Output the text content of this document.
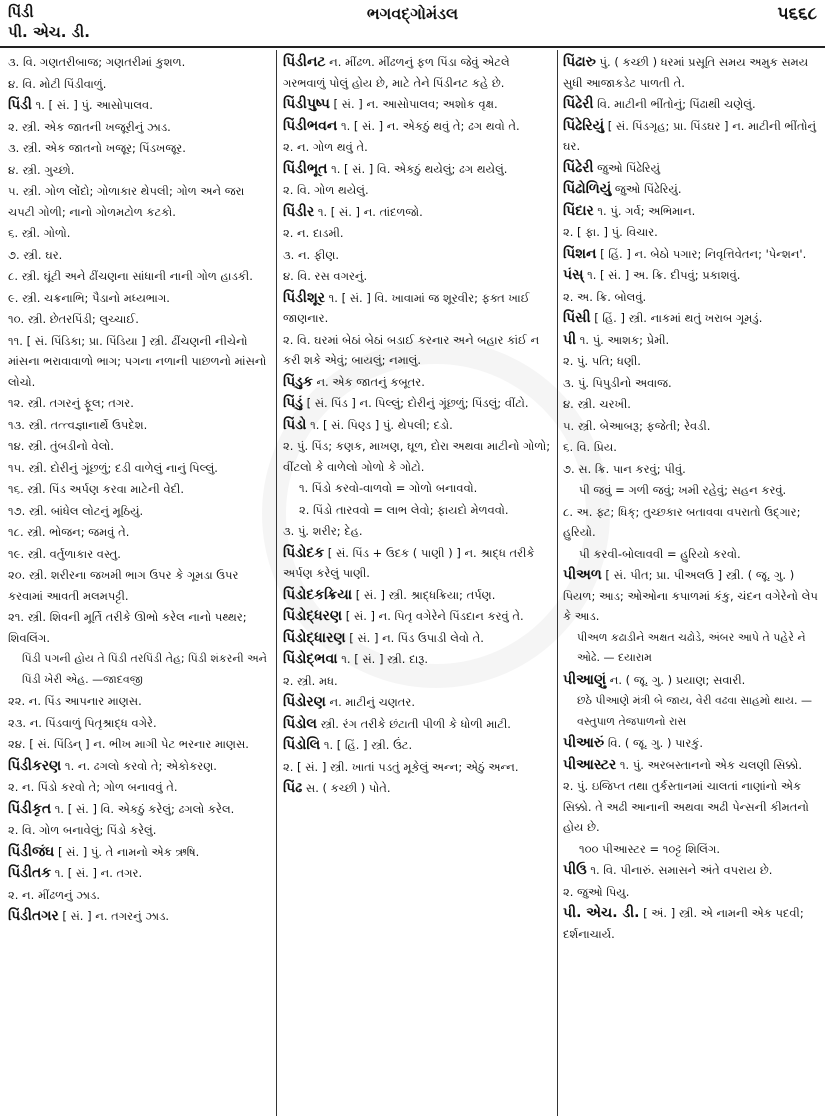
પિંડી
પી. એચ. ડી.
ભગવદ્ગોમંડલ	૫૬૬૮
૩. વિ. ગણતરીબાજ; ગણતરીમાં કુશળ.
૪. વિ. મોટી પિંડીવાળું.
પિંડી ૧. [ સં. ] પું. આસોપાલવ.
૨. સ્ત્રી. એક જાતની ખજૂરીનું ઝાડ.
૩. સ્ત્રી. એક જાતનો ખજૂર; પિંડખજૂર.
૪. સ્ત્રી. ગુચ્છો.
૫. સ્ત્રી. ગોળ લોંદો; ગોળાકાર થેપલી; ગોળ અને જરા ચપટી ગોળી; નાનો ગોળમટોળ કટકો.
૬. સ્ત્રી. ગોળો.
૭. સ્ત્રી. ઘર.
૮. સ્ત્રી. ઘૂંટી અને ઢીંચણના સાંધાની નાની ગોળ હાડકી.
૯. સ્ત્રી. ચક્રનાભિ; પૈડાનો મધ્યભાગ.
૧૦. સ્ત્રી. છેતરપિંડી; લુચ્ચાઈ.
૧૧. [ સં. પિંડિકા; પ્રા. પિંડિયા ] સ્ત્રી. ઢીંચણની નીચેનો માંસના ભરાવાવાળો ભાગ; પગના નળાની પાછળનો માંસનો લોચો.
૧૨. સ્ત્રી. તગરનું ફૂલ; તગર.
૧૩. સ્ત્રી. તત્ત્વજ્ઞાનાર્થે ઉપદેશ.
૧૪. સ્ત્રી. તુંબડીનો વેલો.
૧૫. સ્ત્રી. દોરીનું ગૂંછળું; દડી વાળેલું નાનું પિલ્લું.
૧૬. સ્ત્રી. પિંડ અર્પણ કરવા માટેની વેદી.
૧૭. સ્ત્રી. બાંધેલ લોટનું મૂઠિયું.
૧૮. સ્ત્રી. ભોજન; જમવું તે.
૧૯. સ્ત્રી. વર્તુળાકાર વસ્તુ.
૨૦. સ્ત્રી. શરીરના જખમી ભાગ ઉપર કે ગૂમડા ઉપર કરવામાં આવતી મલમપટ્ટી.
૨૧. સ્ત્રી. શિવની મૂર્તિ તરીકે ઊભો કરેલ નાનો પથ્થર; શિવલિંગ.
પિંડી પગની હોય તે પિંડી તરપિંડી તેહ; પિંડી શંકરની અને પિંડી ખેરી એહ. —જાદવજી
૨૨. ન. પિંડ આપનાર માણસ.
૨૩. ન. પિંડવાળું પિતૃશ્રાદ્ધ વગેરે.
૨૪. [ સં. પિંડિન્ ] ન. ભીખ માગી પેટ ભરનાર માણસ.
પિંડીકરણ ૧. ન. ઢગલો કરવો તે; એકોકરણ.
૨. ન. પિંડો કરવો તે; ગોળ બનાવવું તે.
પિંડીકૃત ૧. [ સં. ] વિ. એકઠું કરેલું; ઢગલો કરેલ.
૨. વિ. ગોળ બનાવેલું; પિંડો કરેલું.
પિંડીજંઘ [ સં. ] પું. તે નામનો એક ઋષિ.
પિંડીતક ૧. [ સં. ] ન. તગર.
૨. ન. મીંઢળનું ઝાડ.
પિંડીતગર [ સં. ] ન. તગરનું ઝાડ.
પિંડીનટ ન. મીંઢળ. મીંઢળનું ફળ પિંડા જેવું એટલે ગરભવાળું પોલું હોય છે, માટે તેને પિંડીનટ કહે છે.
પિંડીપુષ્પ [ સં. ] ન. આસોપાલવ; અશોક વૃક્ષ.
પિંડીભવન ૧. [ સં. ] ન. એકઠું થવું તે; ઢગ થવો તે.
૨. ન. ગોળ થવું તે.
પિંડીભૂત ૧. [ સં. ] વિ. એકઠું થયેલું; ઢગ થયેલું.
૨. વિ. ગોળ થયેલું.
પિંડીર ૧. [ સં. ] ન. તાંદળજો.
૨. ન. દાડમી.
૩. ન. ફીણ.
૪. વિ. રસ વગરનું.
પિંડીશૂર ૧. [ સં. ] વિ. ખાવામાં જ શૂરવીર; ફક્ત ખાઈ જાણનાર.
૨. વિ. ઘરમાં બેઠાં બેઠાં બડાઈ કરનાર અને બહાર કાંઈ ન કરી શકે એવું; બાયલું; નમાલું.
પિંડુક ન. એક જાતનું કબૂતર.
પિંડું [ સં. પિંડ ] ન. પિલ્લું; દોરીનું ગૂંછળું; પિંડલું; વીંટો.
પિંડો ૧. [ સં. પિણ્ડ ] પું. થેપલી; દડો.
૨. પું. પિંડ; કણક, માખણ, ઘૂળ, દોરા અથવા માટીનો ગોળો; વીંટલો કે વાળેલો ગોળો કે ગોટો.
૧. પિંડો કરવો-વાળવો = ગોળો બનાવવો.
૨. પિંડો તારવવો = લાભ લેવો; ફાયદો મેળવવો.
૩. પું. શરીર; દેહ.
પિંડોદક [ સં. પિંડ + ઉદક ( પાણી ) ] ન. શ્રાદ્ધ તરીકે અર્પણ કરેલું પાણી.
પિંડોદકક્રિયા [ સં. ] સ્ત્રી. શ્રાદ્ધક્રિયા; તર્પણ.
પિંડોદ્ધરણ [ સં. ] ન. પિતૃ વગેરેને પિંડદાન કરવું તે.
પિંડોદ્ધારણ [ સં. ] ન. પિંડ ઉપાડી લેવો તે.
પિંડોદ્ભવા ૧. [ સં. ] સ્ત્રી. દારૂ.
૨. સ્ત્રી. મધ.
પિંડોરણ ન. માટીનું ચણતર.
પિંડોલ સ્ત્રી. રંગ તરીકે છંટાતી પીળી કે ધોળી માટી.
પિંડોલિ ૧. [ હિં. ] સ્ત્રી. ઉંટ.
૨. [ સં. ] સ્ત્રી. ખાતાં પડતું મૂકેલું અન્ન; એઠું અન્ન.
પિંઢ સ. ( કચ્છી ) પોતે.
પિંઢારુ પું. ( કચ્છી ) ધરમાં પ્રસૂતિ સમય અમુક સમય સુધી આજાકડેટ પાળતી તે.
પિંઢેરી વિ. માટીની ભીંતોનું; પિંઢાથી ચણેલું.
પિંઢેરિયું [ સં. પિંડગૃહ; પ્રા. પિંડઘર ] ન. માટીની ભીંતોનું ઘર.
પિંઢેરી જુઓ પિંઢેરિયું
પિંઢોળિયું જુઓ પિંઢેરિયું.
પિંદાર ૧. પું. ગર્વ; અભિમાન.
૨. [ ફા. ] પું. વિચાર.
પિંશન [ હિં. ] ન. બેઠો પગાર; નિવૃત્તિવેતન; 'પેન્શન'.
પંસ્ ૧. [ સં. ] અ. ક્રિ. દીપવું; પ્રકાશવું.
૨. અ. ક્રિ. બોલવું.
પિંસી [ હિં. ] સ્ત્રી. નાકમાં થતું ખરાબ ગૂમડું.
પી ૧. પું. આશક; પ્રેમી.
૨. પું. પતિ; ધણી.
૩. પું. પિપુડીનો અવાજ.
૪. સ્ત્રી. ચરખી.
૫. સ્ત્રી. બેઆબરૂ; ફજેતી; રેવડી.
૬. વિ. પ્રિય.
૭. સ. ક્રિ. પાન કરવું; પીવું.
પી જવું = ગળી જવું; ખમી રહેવું; સહન કરવું.
૮. અ. ફ્ટ; ધિક્; તુચ્છકાર બતાવવા વપરાતો ઉદ્ગાર; હુરિયો.
પી કરવી-બોલાવવી = હુરિયો કરવો.
પીઅળ [ સં. પીત; પ્રા. પીઅલઉ ] સ્ત્રી. ( જૂ. ગુ. ) પિયળ; આડ; ઓઓના કપાળમાં કંકુ, ચંદન વગેરેનો લેપ કે આડ.
પીઅળ કઢાડીને અક્ષત ચઢોડે, અંબર આપે તે પહેરે ને ઓઢે. — દયારામ
પીઆણું ન. ( જૂ. ગુ. ) પ્રયાણ; સવારી.
છઠે પીઆણે મંત્રી બે જાય, વેરી વઢવા સાહમો થાય. — વસ્તુપાળ તેજપાળનો રાસ
પીઆરું વિ. ( જૂ. ગુ. ) પારકું.
પીઆસ્ટર ૧. પું. અરબસ્તાનનો એક ચલણી સિક્કો.
૨. પું. ઇજિપ્ત તથા તુર્કસ્તાનમાં ચાલતાં નાણાંનો એક સિક્કો. તે અઢી આનાની અથવા અઢી પેન્સની કીમતનો હોય છે.
૧૦૦ પીઆસ્ટર = ૧૦ટ્ટ શિલિંગ.
પીઉ ૧. વિ. પીનારું. સમાસને અંતે વપરાય છે.
૨. જુઓ પિયુ.
પી. એચ. ડી. [ અં. ] સ્ત્રી. એ નામની એક પદવી; દર્શનાચાર્ય.
